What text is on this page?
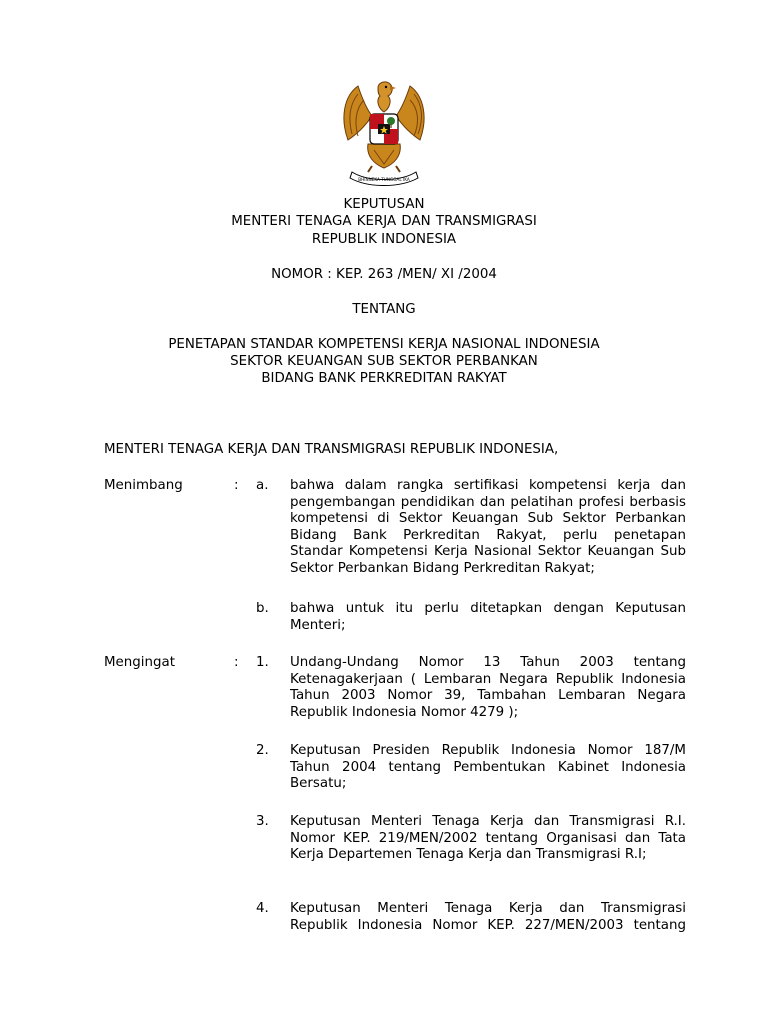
BHINNEKA TUNGGAL IKA
KEPUTUSAN
MENTERI TENAGA KERJA DAN TRANSMIGRASI
REPUBLIK INDONESIA
NOMOR : KEP. 263 /MEN/ XI /2004
TENTANG
PENETAPAN STANDAR KOMPETENSI KERJA NASIONAL INDONESIA
SEKTOR KEUANGAN SUB SEKTOR PERBANKAN
BIDANG BANK PERKREDITAN RAKYAT
MENTERI TENAGA KERJA DAN TRANSMIGRASI REPUBLIK INDONESIA,
Menimbang	: a. bahwa dalam rangka sertifikasi kompetensi kerja dan
pengembangan pendidikan dan pelatihan profesi berbasis
kompetensi di Sektor Keuangan Sub Sektor Perbankan
Bidang Bank Perkreditan Rakyat, perlu penetapan
Standar Kompetensi Kerja Nasional Sektor Keuangan Sub
Sektor Perbankan Bidang Perkreditan Rakyat;
b. bahwa untuk itu perlu ditetapkan dengan Keputusan
Menteri;
Mengingat	: 1. Undang-Undang Nomor 13 Tahun 2003 tentang
Ketenagakerjaan ( Lembaran Negara Republik Indonesia
Tahun 2003 Nomor 39, Tambahan Lembaran Negara
Republik Indonesia Nomor 4279 );
2. Keputusan Presiden Republik Indonesia Nomor 187/M
Tahun 2004 tentang Pembentukan Kabinet Indonesia
Bersatu;
3. Keputusan Menteri Tenaga Kerja dan Transmigrasi R.I.
Nomor KEP. 219/MEN/2002 tentang Organisasi dan Tata
Kerja Departemen Tenaga Kerja dan Transmigrasi R.I;
4. Keputusan Menteri Tenaga Kerja dan Transmigrasi
Republik Indonesia Nomor KEP. 227/MEN/2003 tentang
